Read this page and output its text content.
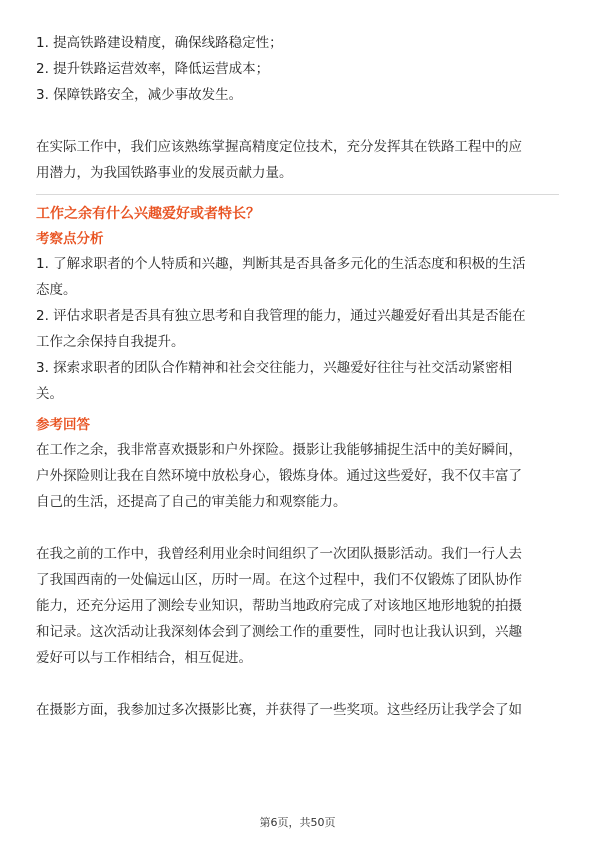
1. 提高铁路建设精度，确保线路稳定性；

2. 提升铁路运营效率，降低运营成本；

3. 保障铁路安全，减少事故发生。

在实际工作中，我们应该熟练掌握高精度定位技术，充分发挥其在铁路工程中的应

用潜力，为我国铁路事业的发展贡献力量。

工作之余有什么兴趣爱好或者特长？
考察点分析

1. 了解求职者的个人特质和兴趣，判断其是否具备多元化的生活态度和积极的生活

态度。

2. 评估求职者是否具有独立思考和自我管理的能力，通过兴趣爱好看出其是否能在

工作之余保持自我提升。

3. 探索求职者的团队合作精神和社会交往能力，兴趣爱好往往与社交活动紧密相

关。

参考回答

在工作之余，我非常喜欢摄影和户外探险。摄影让我能够捕捉生活中的美好瞬间，

户外探险则让我在自然环境中放松身心，锻炼身体。通过这些爱好，我不仅丰富了

自己的生活，还提高了自己的审美能力和观察能力。

在我之前的工作中，我曾经利用业余时间组织了一次团队摄影活动。我们一行人去

了我国西南的一处偏远山区，历时一周。在这个过程中，我们不仅锻炼了团队协作

能力，还充分运用了测绘专业知识，帮助当地政府完成了对该地区地形地貌的拍摄

和记录。这次活动让我深刻体会到了测绘工作的重要性，同时也让我认识到，兴趣

爱好可以与工作相结合，相互促进。

在摄影方面，我参加过多次摄影比赛，并获得了一些奖项。这些经历让我学会了如

第6页，共50页
